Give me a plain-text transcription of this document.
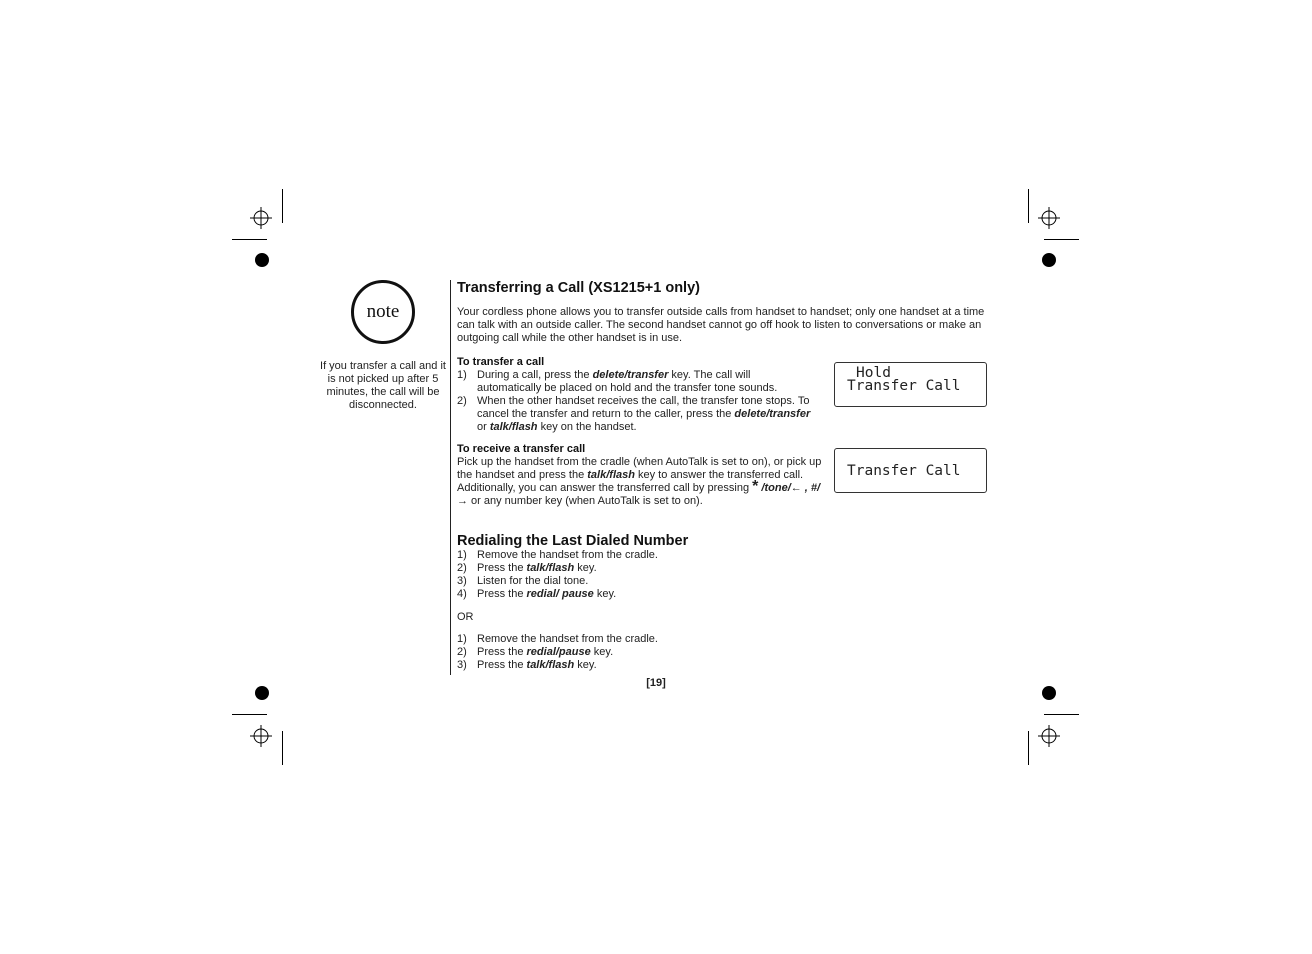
note
If you transfer a call and it is not picked up after 5 minutes, the call will be disconnected.
Transferring a Call (XS1215+1 only)
Your cordless phone allows you to transfer outside calls from handset to handset; only one handset at a time can talk with an outside caller. The second handset cannot go off hook to listen to conversations or make an outgoing call while the other handset is in use.
To transfer a call
1) During a call, press the delete/transfer key. The call will automatically be placed on hold and the transfer tone sounds.
2) When the other handset receives the call, the transfer tone stops. To cancel the transfer and return to the caller, press the delete/transfer or talk/flash key on the handset.
To receive a transfer call
Pick up the handset from the cradle (when AutoTalk is set to on), or pick up the handset and press the talk/flash key to answer the transferred call. Additionally, you can answer the transferred call by pressing * /tone/← , #/→ or any number key (when AutoTalk is set to on).
Hold
Transfer Call
Transfer Call
Redialing the Last Dialed Number
1) Remove the handset from the cradle.
2) Press the talk/flash key.
3) Listen for the dial tone.
4) Press the redial/ pause key.
OR
1) Remove the handset from the cradle.
2) Press the redial/pause key.
3) Press the talk/flash key.
[19]
